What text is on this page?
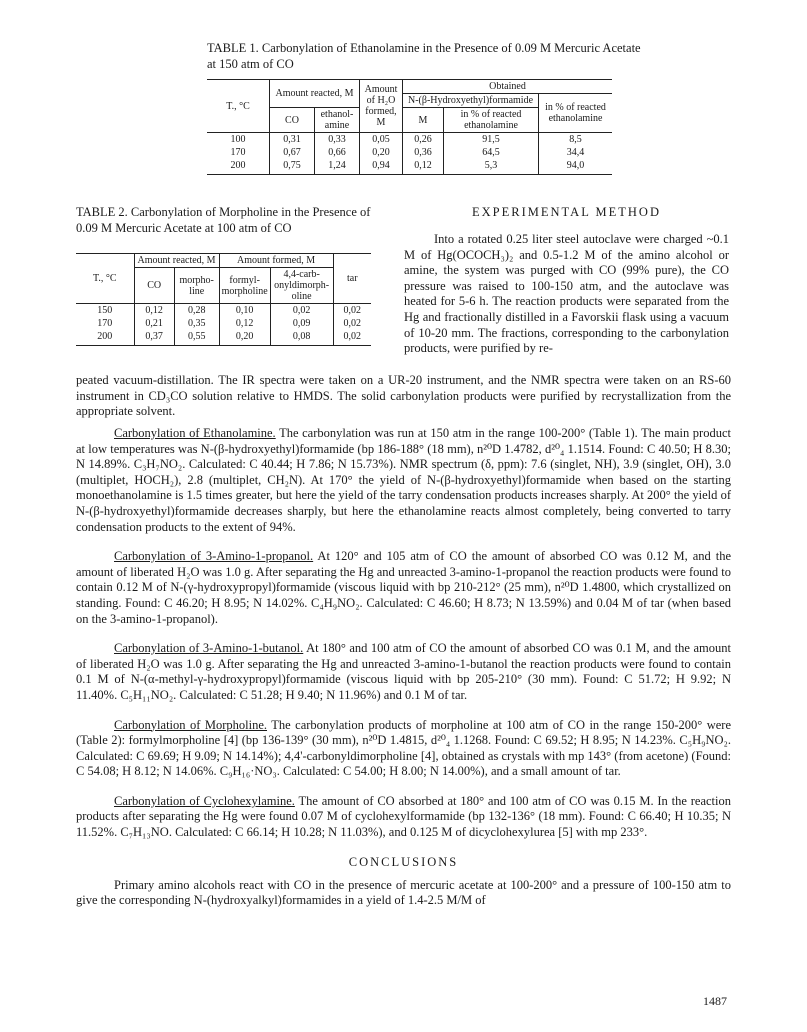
TABLE 1. Carbonylation of Ethanolamine in the Presence of 0.09 M Mercuric Acetate at 150 atm of CO
T., °C	Amount reacted, M		Amount of H₂O formed, M	Obtained		
				N-(β-Hydroxyethyl)formamide		in % of reacted ethanolamine
	CO	ethanol-amine		M	in % of reacted ethanolamine	
100	0,31	0,33	0,05	0,26	91,5	8,5
170	0,67	0,66	0,20	0,36	64,5	34,4
200	0,75	1,24	0,94	0,12	5,3	94,0
TABLE 2. Carbonylation of Morpholine in the Presence of 0.09 M Mercuric Acetate at 100 atm of CO
T., °C	Amount reacted, M		Amount formed, M		tar
	CO	morpho-line	formyl-morpholine	4,4-carb-onyldimorph-oline	
150	0,12	0,28	0,10	0,02	0,02
170	0,21	0,35	0,12	0,09	0,02
200	0,37	0,55	0,20	0,08	0,02
EXPERIMENTAL METHOD

Into a rotated 0.25 liter steel autoclave were charged ~0.1 M of Hg(OCOCH₃)₂ and 0.5-1.2 M of the amino alcohol or amine, the system was purged with CO (99% pure), the CO pressure was raised to 100-150 atm, and the autoclave was heated for 5-6 h. The reaction products were separated from the Hg and fractionally distilled in a Favorskii flask using a vacuum of 10-20 mm. The fractions, corresponding to the carbonylation products, were purified by re-

peated vacuum-distillation. The IR spectra were taken on a UR-20 instrument, and the NMR spectra were taken on an RS-60 instrument in CD₃CO solution relative to HMDS. The solid carbonylation products were purified by recrystallization from the appropriate solvent.

Carbonylation of Ethanolamine. The carbonylation was run at 150 atm in the range 100-200° (Table 1). The main product at low temperatures was N-(β-hydroxyethyl)formamide (bp 186-188° (18 mm), n²⁰D 1.4782, d²⁰₄ 1.1514. Found: C 40.50; H 8.30; N 14.89%. C₃H₇NO₂. Calculated: C 40.44; H 7.86; N 15.73%). NMR spectrum (δ, ppm): 7.6 (singlet, NH), 3.9 (singlet, OH), 3.0 (multiplet, HOCH₂), 2.8 (multiplet, CH₂N). At 170° the yield of N-(β-hydroxyethyl)formamide when based on the starting monoethanolamine is 1.5 times greater, but here the yield of the tarry condensation products increases sharply. At 200° the yield of N-(β-hydroxyethyl)formamide decreases sharply, but here the ethanolamine reacts almost completely, being converted to tarry condensation products to the extent of 94%.

Carbonylation of 3-Amino-1-propanol. At 120° and 105 atm of CO the amount of absorbed CO was 0.12 M, and the amount of liberated H₂O was 1.0 g. After separating the Hg and unreacted 3-amino-1-propanol the reaction products were found to contain 0.12 M of N-(γ-hydroxypropyl)formamide (viscous liquid with bp 210-212° (25 mm), n²⁰D 1.4800, which crystallized on standing. Found: C 46.20; H 8.95; N 14.02%. C₄H₉NO₂. Calculated: C 46.60; H 8.73; N 13.59%) and 0.04 M of tar (when based on the 3-amino-1-propanol).

Carbonylation of 3-Amino-1-butanol. At 180° and 100 atm of CO the amount of absorbed CO was 0.1 M, and the amount of liberated H₂O was 1.0 g. After separating the Hg and unreacted 3-amino-1-butanol the reaction products were found to contain 0.1 M of N-(α-methyl-γ-hydroxypropyl)formamide (viscous liquid with bp 205-210° (30 mm). Found: C 51.72; H 9.92; N 11.40%. C₅H₁₁NO₂. Calculated: C 51.28; H 9.40; N 11.96%) and 0.1 M of tar.

Carbonylation of Morpholine. The carbonylation products of morpholine at 100 atm of CO in the range 150-200° were (Table 2): formylmorpholine [4] (bp 136-139° (30 mm), n²⁰D 1.4815, d²⁰₄ 1.1268. Found: C 69.52; H 8.95; N 14.23%. C₅H₉NO₂. Calculated: C 69.69; H 9.09; N 14.14%); 4,4'-carbonyldimorpholine [4], obtained as crystals with mp 143° (from acetone) (Found: C 54.08; H 8.12; N 14.06%. C₉H₁₆·NO₃. Calculated: C 54.00; H 8.00; N 14.00%), and a small amount of tar.

Carbonylation of Cyclohexylamine. The amount of CO absorbed at 180° and 100 atm of CO was 0.15 M. In the reaction products after separating the Hg were found 0.07 M of cyclohexylformamide (bp 132-136° (18 mm). Found: C 66.40; H 10.35; N 11.52%. C₇H₁₃NO. Calculated: C 66.14; H 10.28; N 11.03%), and 0.125 M of dicyclohexylurea [5] with mp 233°.

CONCLUSIONS

Primary amino alcohols react with CO in the presence of mercuric acetate at 100-200° and a pressure of 100-150 atm to give the corresponding N-(hydroxyalkyl)formamides in a yield of 1.4-2.5 M/M of

1487
